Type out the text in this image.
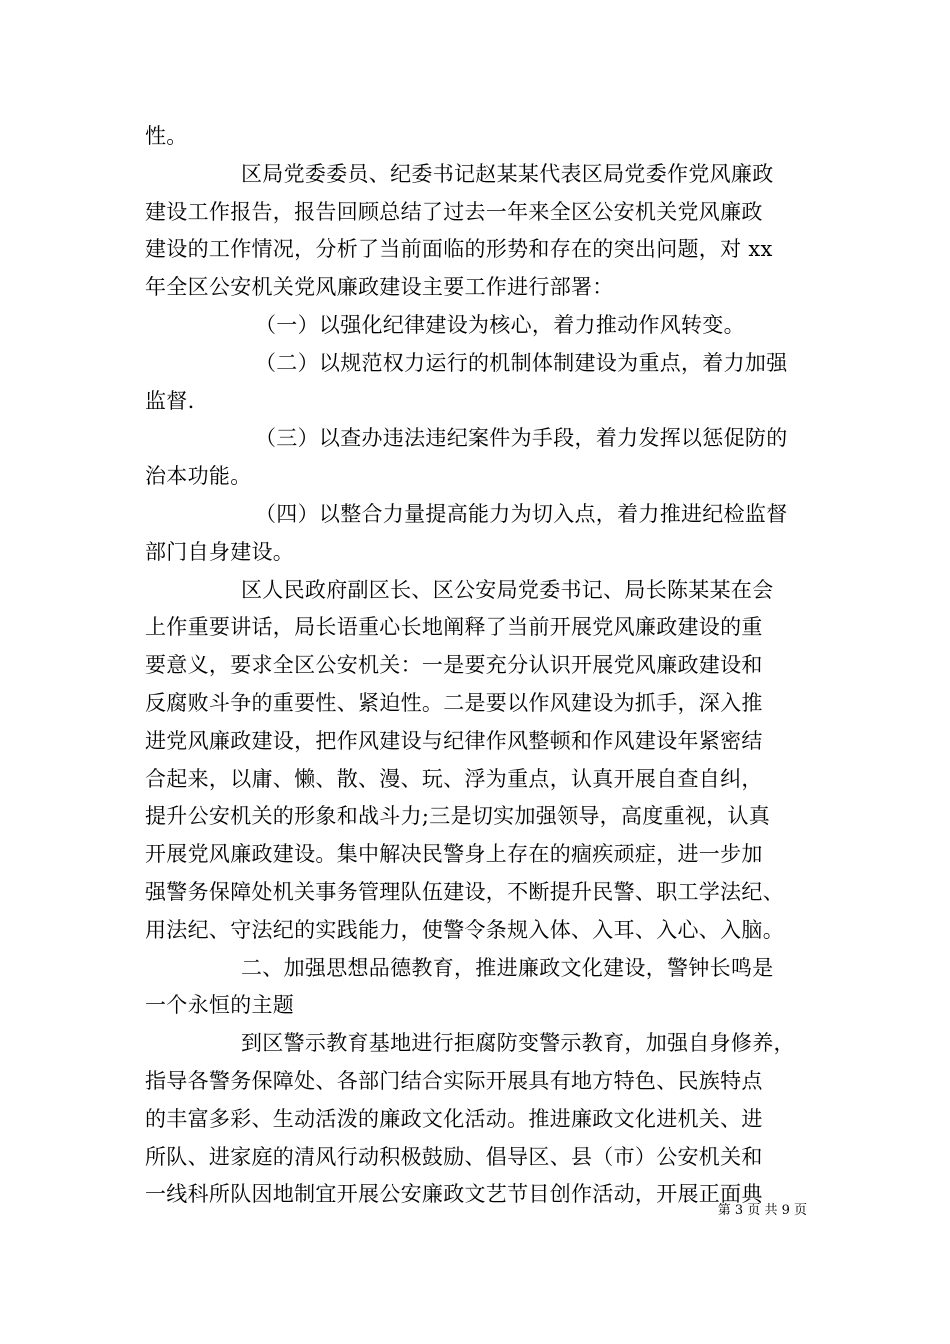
性。
区局党委委员、纪委书记赵某某代表区局党委作党风廉政
建设工作报告，报告回顾总结了过去一年来全区公安机关党风廉政
建设的工作情况，分析了当前面临的形势和存在的突出问题，对 xx
年全区公安机关党风廉政建设主要工作进行部署：
（一）以强化纪律建设为核心，着力推动作风转变。
（二）以规范权力运行的机制体制建设为重点，着力加强
监督.
（三）以查办违法违纪案件为手段，着力发挥以惩促防的
治本功能。
（四）以整合力量提高能力为切入点，着力推进纪检监督
部门自身建设。
区人民政府副区长、区公安局党委书记、局长陈某某在会
上作重要讲话，局长语重心长地阐释了当前开展党风廉政建设的重
要意义，要求全区公安机关：一是要充分认识开展党风廉政建设和
反腐败斗争的重要性、紧迫性。二是要以作风建设为抓手，深入推
进党风廉政建设，把作风建设与纪律作风整顿和作风建设年紧密结
合起来，以庸、懒、散、漫、玩、浮为重点，认真开展自查自纠，
提升公安机关的形象和战斗力;三是切实加强领导，高度重视，认真
开展党风廉政建设。集中解决民警身上存在的痼疾顽症，进一步加
强警务保障处机关事务管理队伍建设，不断提升民警、职工学法纪、
用法纪、守法纪的实践能力，使警令条规入体、入耳、入心、入脑。
二、加强思想品德教育，推进廉政文化建设，警钟长鸣是
一个永恒的主题
到区警示教育基地进行拒腐防变警示教育，加强自身修养，
指导各警务保障处、各部门结合实际开展具有地方特色、民族特点
的丰富多彩、生动活泼的廉政文化活动。推进廉政文化进机关、进
所队、进家庭的清风行动积极鼓励、倡导区、县（市）公安机关和
一线科所队因地制宜开展公安廉政文艺节目创作活动，开展正面典
第 3 页 共 9 页
